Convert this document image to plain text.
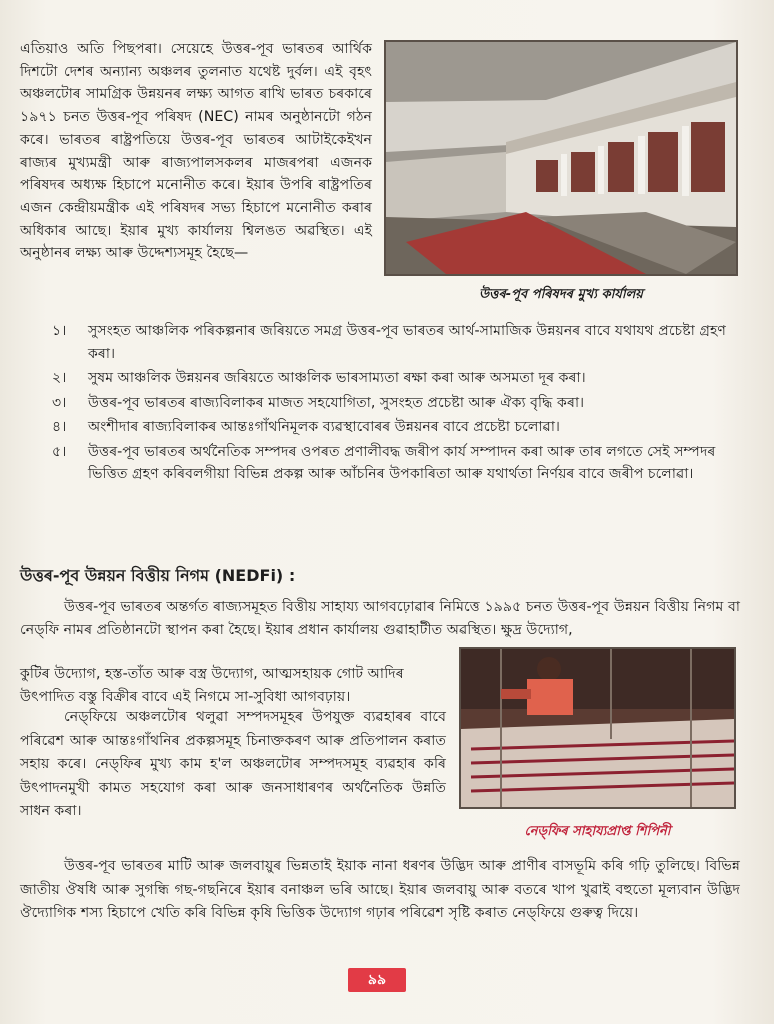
এতিয়াও অতি পিছপৰা। সেয়েহে উত্তৰ-পূব ভাৰতৰ আৰ্থিক দিশটো দেশৰ অন্যান্য অঞ্চলৰ তুলনাত যথেষ্ট দুৰ্বল। এই বৃহৎ অঞ্চলটোৰ সামগ্ৰিক উন্নয়নৰ লক্ষ্য আগত ৰাখি ভাৰত চৰকাৰে ১৯৭১ চনত উত্তৰ-পূব পৰিষদ (NEC) নামৰ অনুষ্ঠানটো গঠন কৰে। ভাৰতৰ ৰাষ্ট্ৰপতিয়ে উত্তৰ-পূব ভাৰতৰ আটাইকেইখন ৰাজ্যৰ মুখ্যমন্ত্ৰী আৰু ৰাজ্যপালসকলৰ মাজৰপৰা এজনক পৰিষদৰ অধ্যক্ষ হিচাপে মনোনীত কৰে। ইয়াৰ উপৰি ৰাষ্ট্ৰপতিৰ এজন কেন্দ্ৰীয়মন্ত্ৰীক এই পৰিষদৰ সভ্য হিচাপে মনোনীত কৰাৰ অধিকাৰ আছে। ইয়াৰ মুখ্য কাৰ্যালয় শ্বিলঙত অৱস্থিত। এই অনুষ্ঠানৰ লক্ষ্য আৰু উদ্দেশ্যসমূহ হৈছে—
উত্তৰ-পূব পৰিষদৰ মুখ্য কাৰ্যালয়
১। সুসংহত আঞ্চলিক পৰিকল্পনাৰ জৰিয়তে সমগ্ৰ উত্তৰ-পূব ভাৰতৰ আৰ্থ-সামাজিক উন্নয়নৰ বাবে যথাযথ প্ৰচেষ্টা গ্ৰহণ কৰা।
২। সুষম আঞ্চলিক উন্নয়নৰ জৰিয়তে আঞ্চলিক ভাৰসাম্যতা ৰক্ষা কৰা আৰু অসমতা দূৰ কৰা।
৩। উত্তৰ-পূব ভাৰতৰ ৰাজ্যবিলাকৰ মাজত সহযোগিতা, সুসংহত প্ৰচেষ্টা আৰু ঐক্য বৃদ্ধি কৰা।
৪। অংশীদাৰ ৰাজ্যবিলাকৰ আন্তঃগাঁথনিমূলক ব্যৱস্থাবোৰৰ উন্নয়নৰ বাবে প্ৰচেষ্টা চলোৱা।
৫। উত্তৰ-পূব ভাৰতৰ অৰ্থনৈতিক সম্পদৰ ওপৰত প্ৰণালীবদ্ধ জৰীপ কাৰ্য সম্পাদন কৰা আৰু তাৰ লগতে সেই সম্পদৰ ভিত্তিত গ্ৰহণ কৰিবলগীয়া বিভিন্ন প্ৰকল্প আৰু আঁচনিৰ উপকাৰিতা আৰু যথাৰ্থতা নিৰ্ণয়ৰ বাবে জৰীপ চলোৱা।
উত্তৰ-পূব উন্নয়ন বিত্তীয় নিগম (NEDFi) :
উত্তৰ-পূব ভাৰতৰ অন্তৰ্গত ৰাজ্যসমূহত বিত্তীয় সাহায্য আগবঢ়োৱাৰ নিমিত্তে ১৯৯৫ চনত উত্তৰ-পূব উন্নয়ন বিত্তীয় নিগম বা নেড্‌ফি নামৰ প্ৰতিষ্ঠানটো স্থাপন কৰা হৈছে। ইয়াৰ প্ৰধান কাৰ্যালয় গুৱাহাটীত অৱস্থিত। ক্ষুদ্ৰ উদ্যোগ,
কুটিৰ উদ্যোগ, হস্ত-তাঁত আৰু বস্ত্ৰ উদ্যোগ, আত্মসহায়ক গোট আদিৰ উৎপাদিত বস্তু বিক্ৰীৰ বাবে এই নিগমে সা-সুবিধা আগবঢ়ায়।
নেড্‌ফিয়ে অঞ্চলটোৰ থলুৱা সম্পদসমূহৰ উপযুক্ত ব্যৱহাৰৰ বাবে পৰিৱেশ আৰু আন্তঃগাঁথনিৰ প্ৰকল্পসমূহ চিনাক্তকৰণ আৰু প্ৰতিপালন কৰাত সহায় কৰে। নেড্‌ফিৰ মুখ্য কাম হ'ল অঞ্চলটোৰ সম্পদসমূহ ব্যৱহাৰ কৰি উৎপাদনমুখী কামত সহযোগ কৰা আৰু জনসাধাৰণৰ অৰ্থনৈতিক উন্নতি সাধন কৰা।
নেড্‌ফিৰ সাহায্যপ্ৰাপ্ত শিপিনী
উত্তৰ-পূব ভাৰতৰ মাটি আৰু জলবায়ুৰ ভিন্নতাই ইয়াক নানা ধৰণৰ উদ্ভিদ আৰু প্ৰাণীৰ বাসভূমি কৰি গঢ়ি তুলিছে। বিভিন্ন জাতীয় ঔষধি আৰু সুগন্ধি গছ-গছনিৰে ইয়াৰ বনাঞ্চল ভৰি আছে। ইয়াৰ জলবায়ু আৰু বতৰে খাপ খুৱাই বহুতো মূল্যবান উদ্ভিদ ঔদ্যোগিক শস্য হিচাপে খেতি কৰি বিভিন্ন কৃষি ভিত্তিক উদ্যোগ গঢ়াৰ পৰিৱেশ সৃষ্টি কৰাত নেড্‌ফিয়ে গুৰুত্ব দিয়ে।
৯৯
